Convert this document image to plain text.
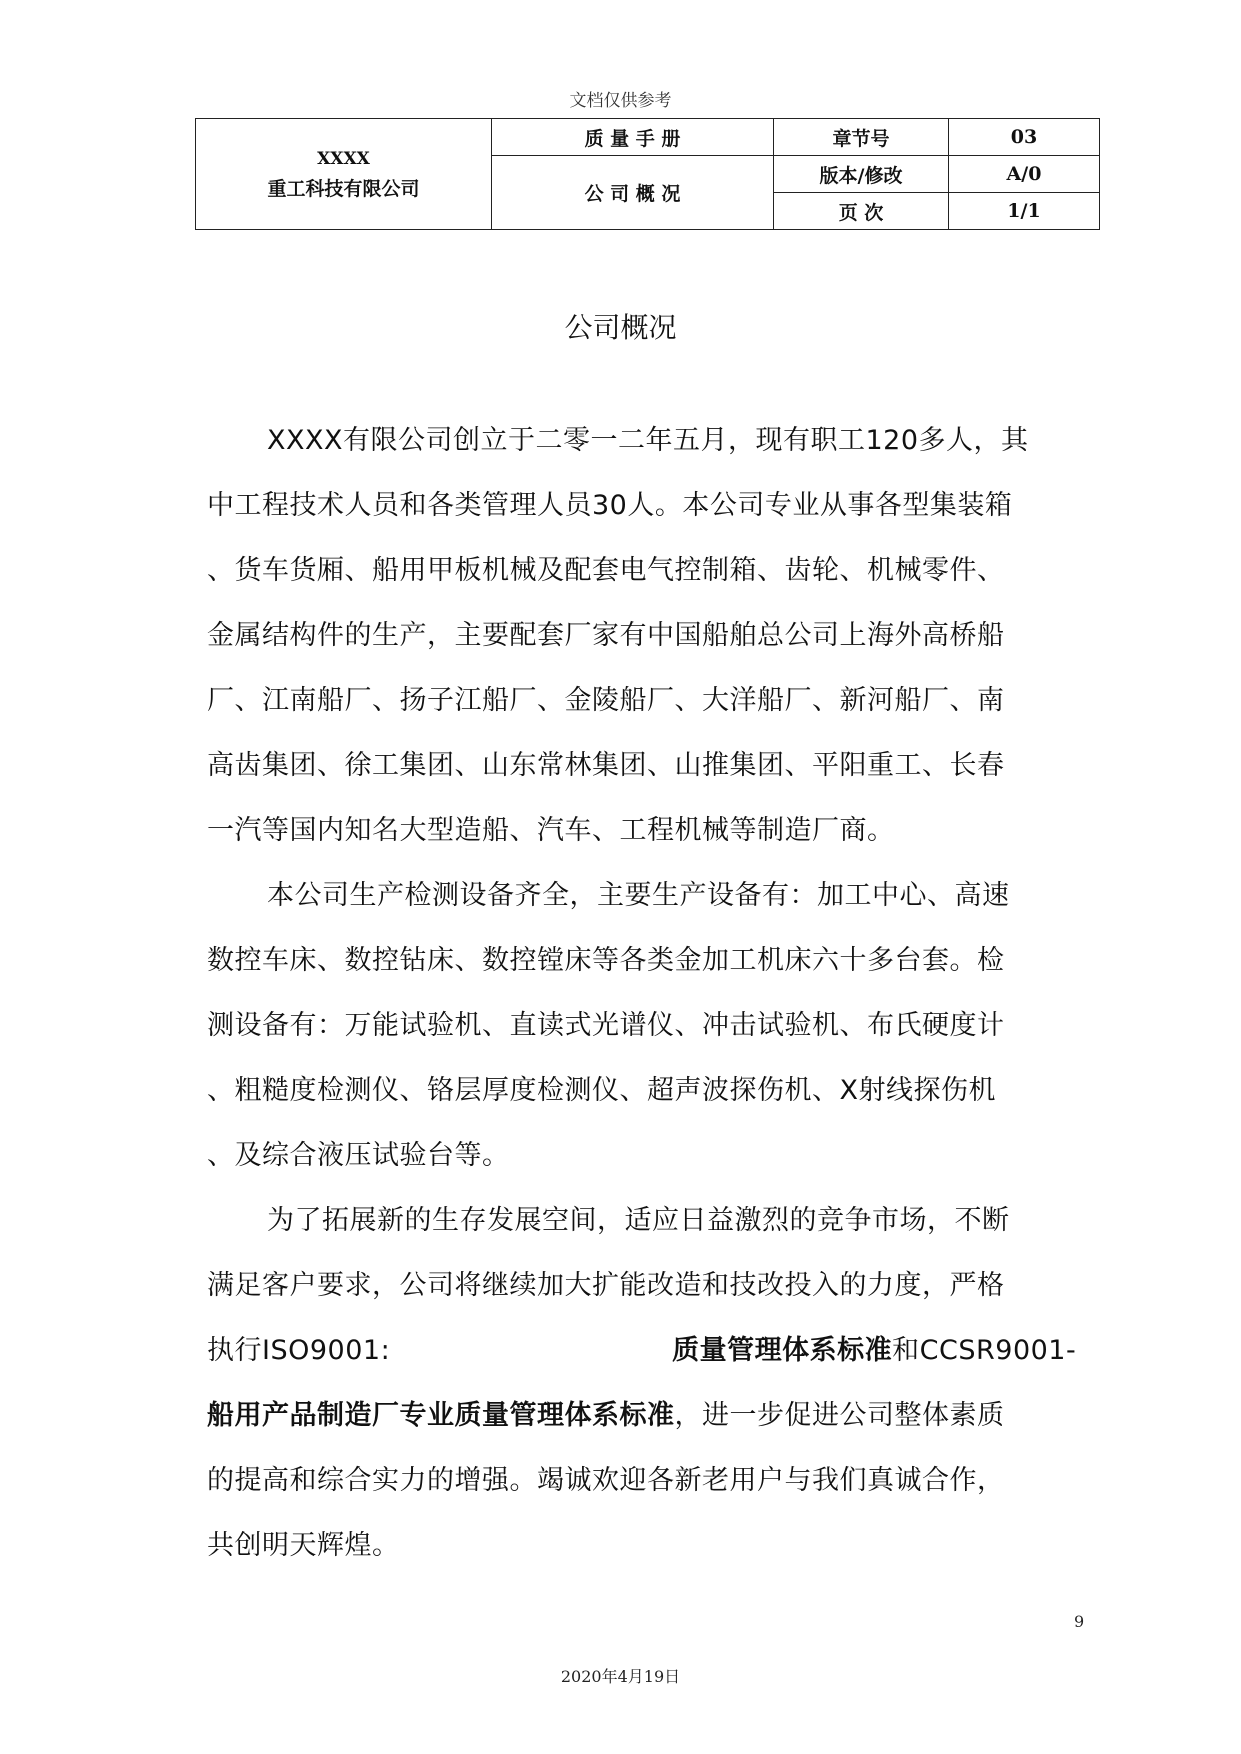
文档仅供参考
XXXX
重工科技有限公司	质 量 手 册	章节号	03
	公 司 概 况	版本/修改	A/0
		页 次	1/1
公司概况
XXXX有限公司创立于二零一二年五月，现有职工120多人，其
中工程技术人员和各类管理人员30人。本公司专业从事各型集装箱
、货车货厢、船用甲板机械及配套电气控制箱、齿轮、机械零件、
金属结构件的生产，主要配套厂家有中国船舶总公司上海外高桥船
厂、江南船厂、扬子江船厂、金陵船厂、大洋船厂、新河船厂、南
高齿集团、徐工集团、山东常林集团、山推集团、平阳重工、长春
一汽等国内知名大型造船、汽车、工程机械等制造厂商。
本公司生产检测设备齐全，主要生产设备有：加工中心、高速
数控车床、数控钻床、数控镗床等各类金加工机床六十多台套。检
测设备有：万能试验机、直读式光谱仪、冲击试验机、布氏硬度计
、粗糙度检测仪、铬层厚度检测仪、超声波探伤机、X射线探伤机
、及综合液压试验台等。
为了拓展新的生存发展空间，适应日益激烈的竞争市场，不断
满足客户要求，公司将继续加大扩能改造和技改投入的力度，严格
执行ISO9001:	质量管理体系标准和CCSR9001-
船用产品制造厂专业质量管理体系标准，进一步促进公司整体素质
的提高和综合实力的增强。竭诚欢迎各新老用户与我们真诚合作，
共创明天辉煌。
9
2020年4月19日
